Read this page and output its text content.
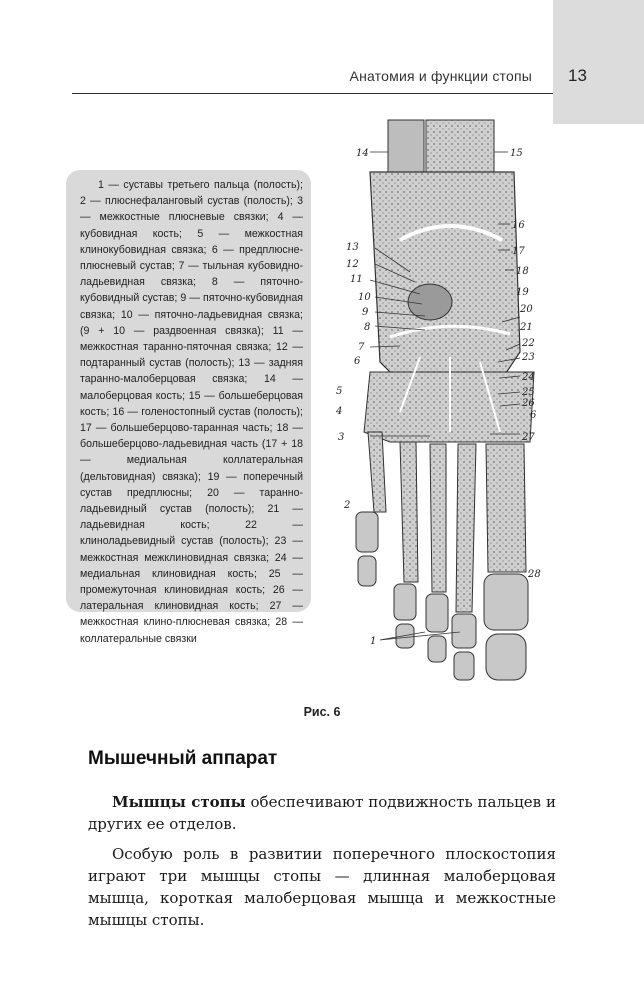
13
Анатомия и функции стопы
1 — суставы третьего пальца (полость); 2 — плюснефаланговый сустав (полость); 3 — межкостные плюсневые связки; 4 — кубовидная кость; 5 — межкостная клинокубовидная связка; 6 — предплюсне-плюсневый сустав; 7 — тыльная кубовидно-ладьевидная связка; 8 — пяточно-кубовидный сустав; 9 — пяточно-кубовидная связка; 10 — пяточно-ладьевидная связка; (9 + 10 — раздвоенная связка); 11 — межкостная таранно-пяточная связка; 12 — подтаранный сустав (полость); 13 — задняя таранно-малоберцовая связка; 14 — малоберцовая кость; 15 — большеберцовая кость; 16 — голеностопный сустав (полость); 17 — большеберцово-таранная часть; 18 — большеберцово-ладьевидная часть (17 + 18 — медиальная коллатеральная (дельтовидная) связка); 19 — поперечный сустав предплюсны; 20 — таранно-ладьевидный сустав (полость); 21 — ладьевидная кость; 22 — клиноладьевидный сустав (полость); 23 — межкостная межклиновидная связка; 24 — медиальная клиновидная кость; 25 — промежуточная клиновидная кость; 26 — латеральная клиновидная кость; 27 — межкостная клино-плюсневая связка; 28 — коллатеральные связки
14	15
16
17
18
19
20
21
22
23
24
25
26
6
27
28
13
12
11
10
9
8
7
6
5
4
3
2
1
Рис. 6
Мышечный аппарат
Мышцы стопы обеспечивают подвижность пальцев и других ее отделов.
Особую роль в развитии поперечного плоскостопия играют три мышцы стопы — длинная малоберцовая мышца, короткая малоберцовая мышца и межкостные мышцы стопы.
